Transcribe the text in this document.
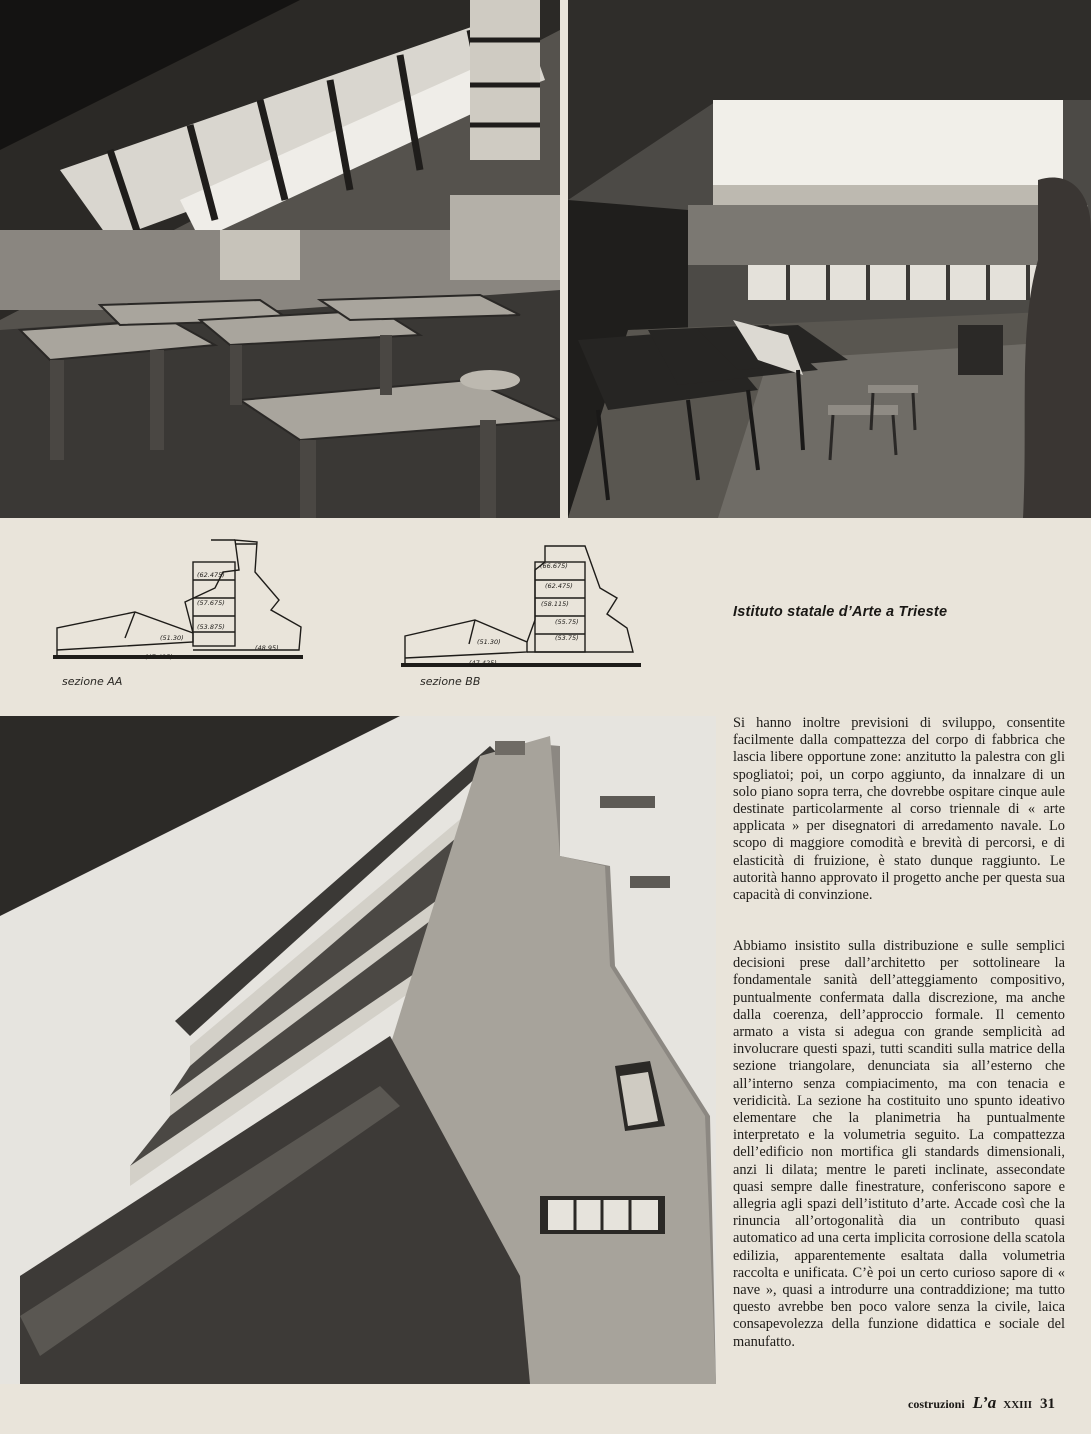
(62.475)
(57.675)
(53.875)
(51.30)
(47.425)
(48.95)
sezione AA
(66.675)
(62.475)
(58.115)
(55.75)
(51.30)	(53.75)
(47.425)
sezione BB
Istituto statale d’Arte a Trieste

Si hanno inoltre previsioni di sviluppo, consentite facilmente dalla compattezza del corpo di fabbrica che lascia libere opportune zone: anzitutto la palestra con gli spogliatoi; poi, un corpo aggiunto, da innalzare di un solo piano sopra terra, che dovrebbe ospitare cinque aule destinate particolarmente al corso triennale di « arte applicata » per disegnatori di arredamento navale. Lo scopo di maggiore comodità e brevità di percorsi, e di elasticità di fruizione, è stato dunque raggiunto. Le autorità hanno approvato il progetto anche per questa sua capacità di convinzione.

Abbiamo insistito sulla distribuzione e sulle semplici decisioni prese dall’architetto per sottolineare la fondamentale sanità dell’atteggiamento compositivo, puntualmente confermata dalla discrezione, ma anche dalla coerenza, dell’approccio formale. Il cemento armato a vista si adegua con grande semplicità ad involucrare questi spazi, tutti scanditi sulla matrice della sezione triangolare, denunciata sia all’esterno che all’interno senza compiacimento, ma con tenacia e veridicità. La sezione ha costituito uno spunto ideativo elementare che la planimetria ha puntualmente interpretato e la volumetria seguito. La compattezza dell’edificio non mortifica gli standards dimensionali, anzi li dilata; mentre le pareti inclinate, assecondate quasi sempre dalle finestrature, conferiscono sapore e allegria agli spazi dell’istituto d’arte. Accade così che la rinuncia all’ortogonalità dia un contributo quasi automatico ad una certa implicita corrosione della scatola edilizia, apparentemente esaltata dalla volumetria raccolta e unificata. C’è poi un certo curioso sapore di « nave », quasi a introdurre una contraddizione; ma tutto questo avrebbe ben poco valore senza la civile, laica consapevolezza della funzione didattica e sociale del manufatto.

costruzioni L’a XXIII 31
